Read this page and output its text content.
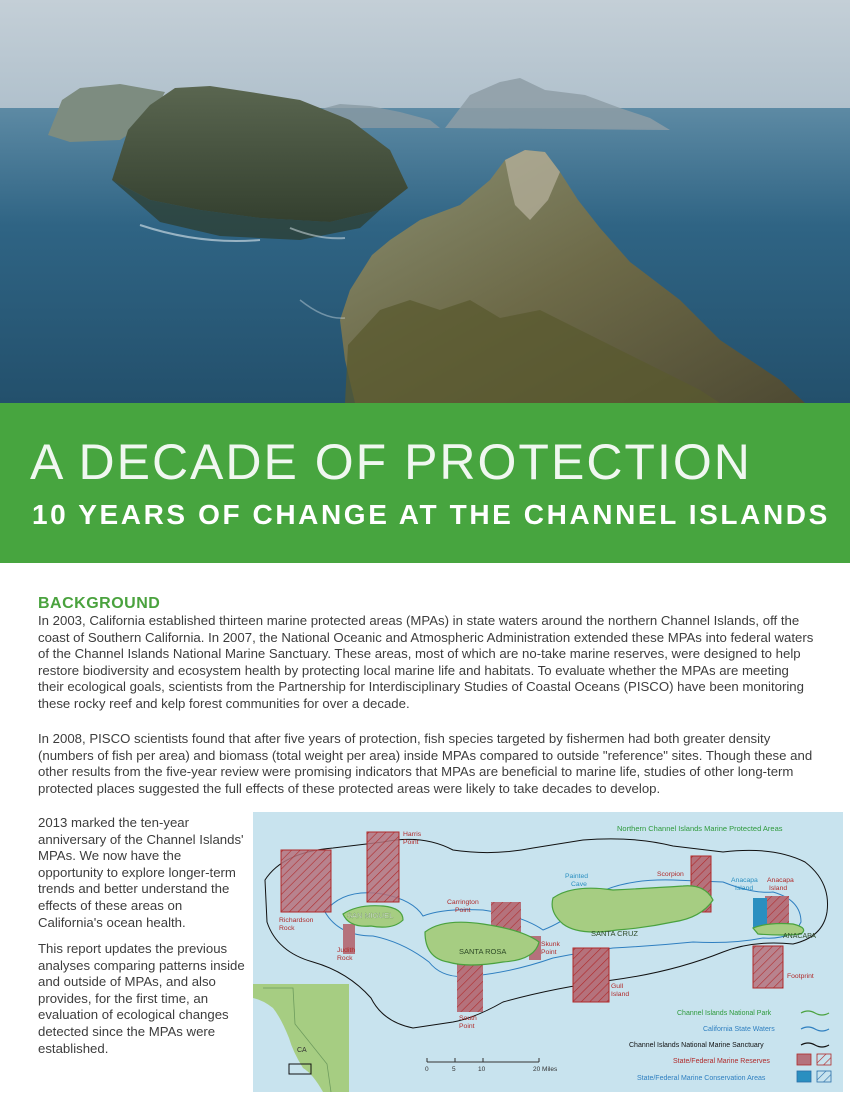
A DECADE OF PROTECTION
10 YEARS OF CHANGE AT THE CHANNEL ISLANDS
BACKGROUND

In 2003, California established thirteen marine protected areas (MPAs) in state waters around the northern Channel Islands, off the coast of Southern California. In 2007, the National Oceanic and Atmospheric Administration extended these MPAs into federal waters of the Channel Islands National Marine Sanctuary. These areas, most of which are no-take marine reserves, were designed to help restore biodiversity and ecosystem health by protecting local marine life and habitats. To evaluate whether the MPAs are meeting their ecological goals, scientists from the Partnership for Interdisciplinary Studies of Coastal Oceans (PISCO) have been monitoring these rocky reef and kelp forest communities for over a decade.

In 2008, PISCO scientists found that after five years of protection, fish species targeted by fishermen had both greater density (numbers of fish per area) and biomass (total weight per area) inside MPAs compared to outside "reference" sites. Though these and other results from the five-year review were promising indicators that MPAs are beneficial to marine life, studies of other long-term protected places suggested the full effects of these protected areas were likely to take decades to develop.

2013 marked the ten-year anniversary of the Channel Islands' MPAs. We now have the opportunity to explore longer-term trends and better understand the effects of these areas on California's ocean health.

This report updates the previous analyses comparing patterns inside and outside of MPAs, and also provides, for the first time, an evaluation of ecological changes detected since the MPAs were established.

SAN MIGUEL
SANTA ROSA
SANTA CRUZ	ANACAPA
Harris
Point
Richardson
Rock
Judith
Rock
Carrington
Point
Skunk
Point
South
Point
Painted
Cave
Scorpion
Gull
Island
Anacapa
Island
Anacapa
Island
Footprint
Northern Channel Islands Marine Protected Areas
CA
0	5	10	20 Miles
Channel Islands National Park
California State Waters
Channel Islands National Marine Sanctuary
State/Federal Marine Reserves
State/Federal Marine Conservation Areas
